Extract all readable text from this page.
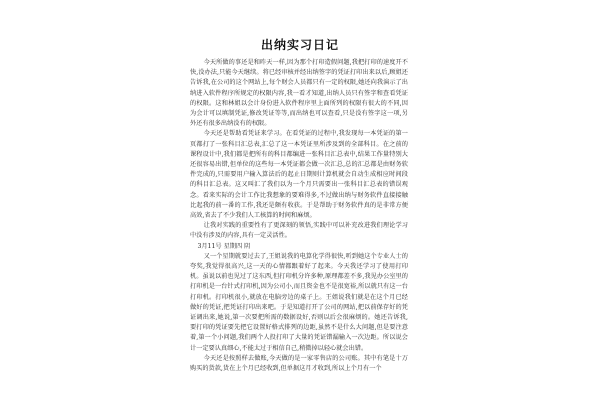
出纳实习日记

今天所做的事还是和昨天一样,因为那个打印造假问题,我把打印的速度开不快,没办法,只能今天继续。将已经审核并经出纳签字的凭证打印出来以后,顾姐还告诉我,在公司的这个网站上,每个财会人员都只有一定的权限,她还向我演示了出纳进入软件程序所规定的权限内容,我一看才知道,出纳人员只有签字和查看凭证的权限。这和林姐以会计身份进入软件程序里上面所列的权限有很大的不同,因为会计可以填制凭证,修改凭证等等,而出纳也可以查看,只是没有签字这一项,另外还有很多出纳没有的权限。

今天还是帮助看凭证来学习。在看凭证的过程中,我发现每一本凭证的第一页都打了一张科目汇总表,汇总了这一本凭证里所涉及到的全部科目。在之前的课程设计中,我们都是把所有的科目都编进一张科目汇总表中,结果工作量特别大还很容易出错,但单位的这些每一本凭证都会做一次汇总,总的汇总都是由财务软件完成的,只需要用户输入算法后的起止日期则计算机就会自动生成相应时间段的科目汇总表。这又叫汇了我们以为一个月只需要出一张科目汇总表的错误观念。看来实际的会计工作比我想象的要难得多,不过做出纳与财务软件直接接触比起我的前一番的工作,我还是颇有收获。于是帮助于财务软件真的是非常方便高效,省去了不少我们人工核算的时间和麻烦。

让我对实践的重要性有了更深刻的领悟,实践中可以补充改进我们理论学习中没有涉及的内容,具有一定灵活性。

3月11号 星期四 阴

又一个星期就要过去了,王姐说我的电算化学得很快,听到她这个专业人士的夸奖,我觉得很高兴,这一天的心情都跟着好了起来。今天我还学习了使用打印机。虽说以前也见过了这东西,但打印机分许多种,原理都差不多,我见办公室里的打印机是一台针式打印机,因为公司小,而且资金也不是很宽裕,所以就只有这一台打印机。打印机很小,就放在电脑旁边的桌子上。王姐说我们就是在这个月已经做好的凭证,把凭证打印出来吧。于是知道打开了公司的网站,把以前保存好的凭证调出来,她说,第一次要把所需的数据设好,否则以后会很麻烦的。她还告诉我,要打印的凭证要先把它设置好格式排列的边距,虽然不是什么大问题,但是要注意着,第一个小问题,我们两个人投打印了大量的凭证错漏输入一次边距。所以说会计一定要认真细心,不能太过于相信自己,稍微掉以轻心就会出错。

今天还是按照样去做账,今天做的是一家零售店的公司账。其中有笔是十万购买的货款,货在上个月已经收到,但单据这月才收到,所以上个月有一个
